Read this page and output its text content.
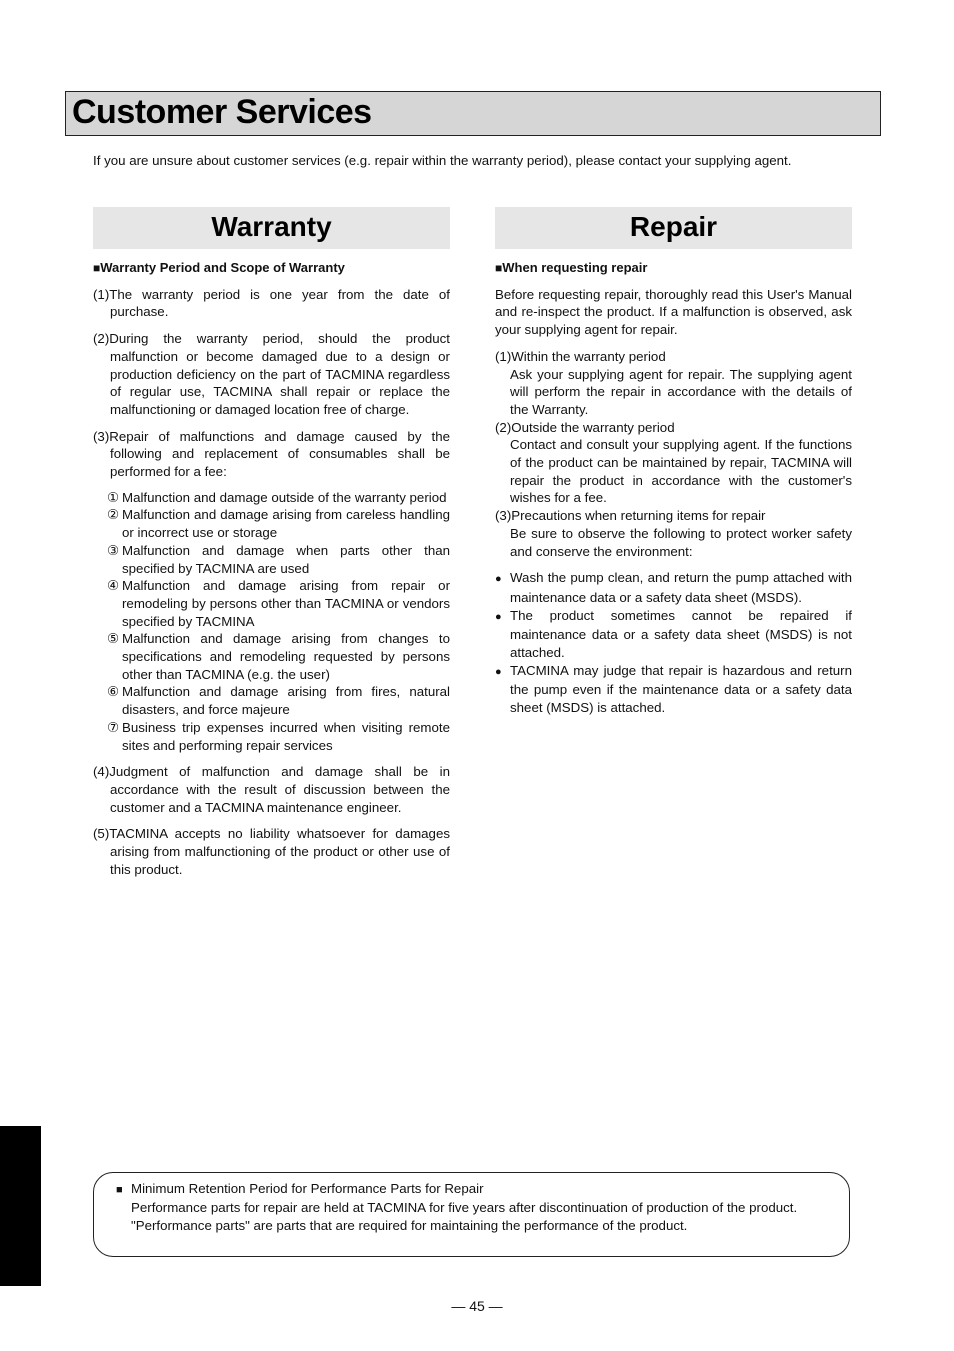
Customer Services

If you are unsure about customer services (e.g. repair within the warranty period), please contact your supplying agent.

Warranty

■Warranty Period and Scope of Warranty

(1)The warranty period is one year from the date of purchase.

(2)During the warranty period, should the product malfunction or become damaged due to a design or production deficiency on the part of TACMINA regardless of regular use, TACMINA shall repair or replace the malfunctioning or damaged location free of charge.

(3)Repair of malfunctions and damage caused by the following and replacement of consumables shall be performed for a fee:

① Malfunction and damage outside of the warranty period

② Malfunction and damage arising from careless handling or incorrect use or storage

③ Malfunction and damage when parts other than specified by TACMINA are used

④ Malfunction and damage arising from repair or remodeling by persons other than TACMINA or vendors specified by TACMINA

⑤ Malfunction and damage arising from changes to specifications and remodeling requested by persons other than TACMINA (e.g. the user)

⑥ Malfunction and damage arising from fires, natural disasters, and force majeure

⑦ Business trip expenses incurred when visiting remote sites and performing repair services

(4)Judgment of malfunction and damage shall be in accordance with the result of discussion between the customer and a TACMINA maintenance engineer.

(5)TACMINA accepts no liability whatsoever for damages arising from malfunctioning of the product or other use of this product.

Repair

■When requesting repair

Before requesting repair, thoroughly read this User's Manual and re-inspect the product. If a malfunction is observed, ask your supplying agent for repair.

(1)Within the warranty period

Ask your supplying agent for repair. The supplying agent will perform the repair in accordance with the details of the Warranty.

(2)Outside the warranty period

Contact and consult your supplying agent. If the functions of the product can be maintained by repair, TACMINA will repair the product in accordance with the customer's wishes for a fee.

(3)Precautions when returning items for repair

Be sure to observe the following to protect worker safety and conserve the environment:

● Wash the pump clean, and return the pump attached with maintenance data or a safety data sheet (MSDS).

● The product sometimes cannot be repaired if maintenance data or a safety data sheet (MSDS) is not attached.

● TACMINA may judge that repair is hazardous and return the pump even if the maintenance data or a safety data sheet (MSDS) is attached.

■ Minimum Retention Period for Performance Parts for Repair

Performance parts for repair are held at TACMINA for five years after discontinuation of production of the product.

"Performance parts" are parts that are required for maintaining the performance of the product.

— 45 —
